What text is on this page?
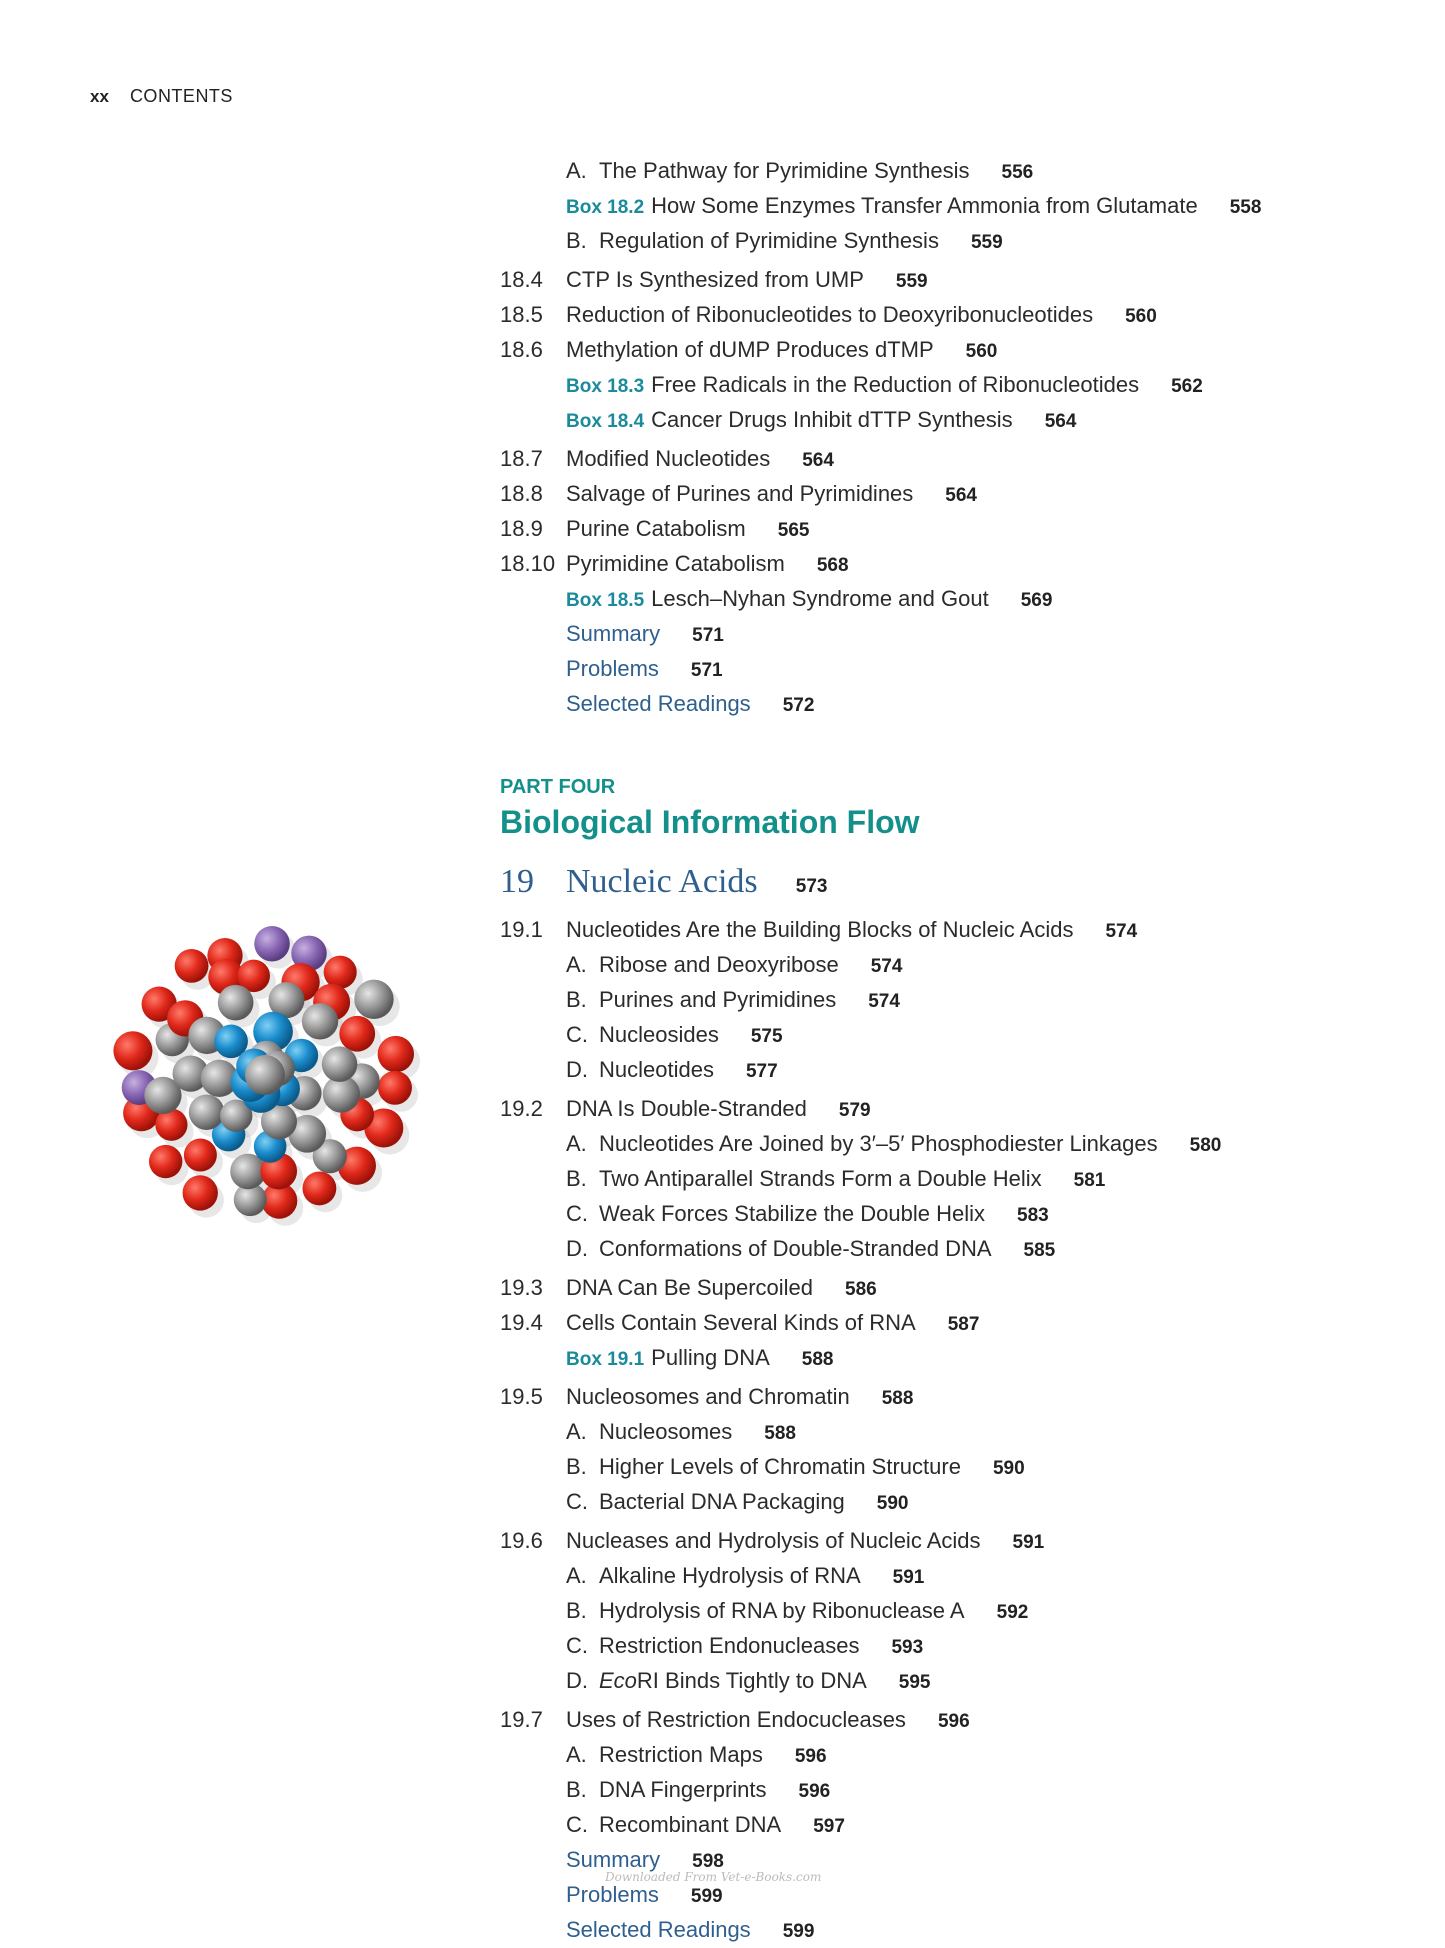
xx CONTENTS
A. The Pathway for Pyrimidine Synthesis 556
Box 18.2 How Some Enzymes Transfer Ammonia from Glutamate 558
B. Regulation of Pyrimidine Synthesis 559
18.4 CTP Is Synthesized from UMP 559
18.5 Reduction of Ribonucleotides to Deoxyribonucleotides 560
18.6 Methylation of dUMP Produces dTMP 560
Box 18.3 Free Radicals in the Reduction of Ribonucleotides 562
Box 18.4 Cancer Drugs Inhibit dTTP Synthesis 564
18.7 Modified Nucleotides 564
18.8 Salvage of Purines and Pyrimidines 564
18.9 Purine Catabolism 565
18.10 Pyrimidine Catabolism 568
Box 18.5 Lesch–Nyhan Syndrome and Gout 569
Summary 571
Problems 571
Selected Readings 572
PART FOUR
Biological Information Flow
19 Nucleic Acids 573
19.1 Nucleotides Are the Building Blocks of Nucleic Acids 574
A. Ribose and Deoxyribose 574
B. Purines and Pyrimidines 574
C. Nucleosides 575
D. Nucleotides 577
19.2 DNA Is Double-Stranded 579
A. Nucleotides Are Joined by 3′–5′ Phosphodiester Linkages 580
B. Two Antiparallel Strands Form a Double Helix 581
C. Weak Forces Stabilize the Double Helix 583
D. Conformations of Double-Stranded DNA 585
19.3 DNA Can Be Supercoiled 586
19.4 Cells Contain Several Kinds of RNA 587
Box 19.1 Pulling DNA 588
19.5 Nucleosomes and Chromatin 588
A. Nucleosomes 588
B. Higher Levels of Chromatin Structure 590
C. Bacterial DNA Packaging 590
19.6 Nucleases and Hydrolysis of Nucleic Acids 591
A. Alkaline Hydrolysis of RNA 591
B. Hydrolysis of RNA by Ribonuclease A 592
C. Restriction Endonucleases 593
D. EcoRI Binds Tightly to DNA 595
19.7 Uses of Restriction Endocucleases 596
A. Restriction Maps 596
B. DNA Fingerprints 596
C. Recombinant DNA 597
Summary 598
Problems 599
Selected Readings 599
Downloaded From Vet-e-Books.com
